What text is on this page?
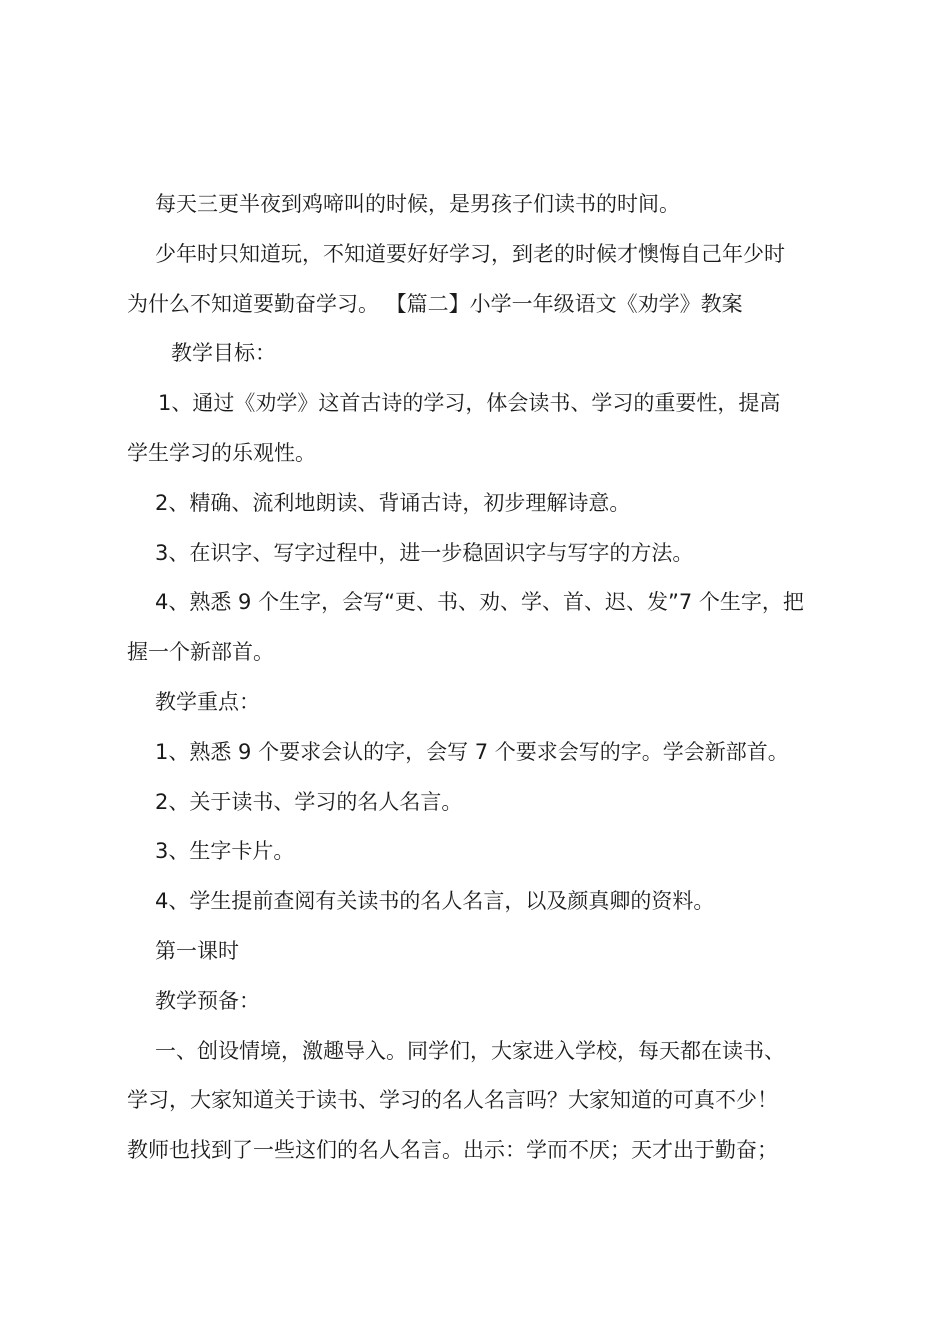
每天三更半夜到鸡啼叫的时候，是男孩子们读书的时间。
少年时只知道玩，不知道要好好学习，到老的时候才懊悔自己年少时
为什么不知道要勤奋学习。 【篇二】小学一年级语文《劝学》教案
教学目标：
1、通过《劝学》这首古诗的学习，体会读书、学习的重要性，提高
学生学习的乐观性。
2、精确、流利地朗读、背诵古诗，初步理解诗意。
3、在识字、写字过程中，进一步稳固识字与写字的方法。
4、熟悉 9 个生字，会写“更、书、劝、学、首、迟、发”7 个生字，把
握一个新部首。
教学重点：
1、熟悉 9 个要求会认的字，会写 7 个要求会写的字。学会新部首。
2、关于读书、学习的名人名言。
3、生字卡片。
4、学生提前查阅有关读书的名人名言，以及颜真卿的资料。
第一课时
教学预备：
一、创设情境，激趣导入。同学们，大家进入学校，每天都在读书、
学习，大家知道关于读书、学习的名人名言吗？大家知道的可真不少！
教师也找到了一些这们的名人名言。出示：学而不厌；天才出于勤奋；
